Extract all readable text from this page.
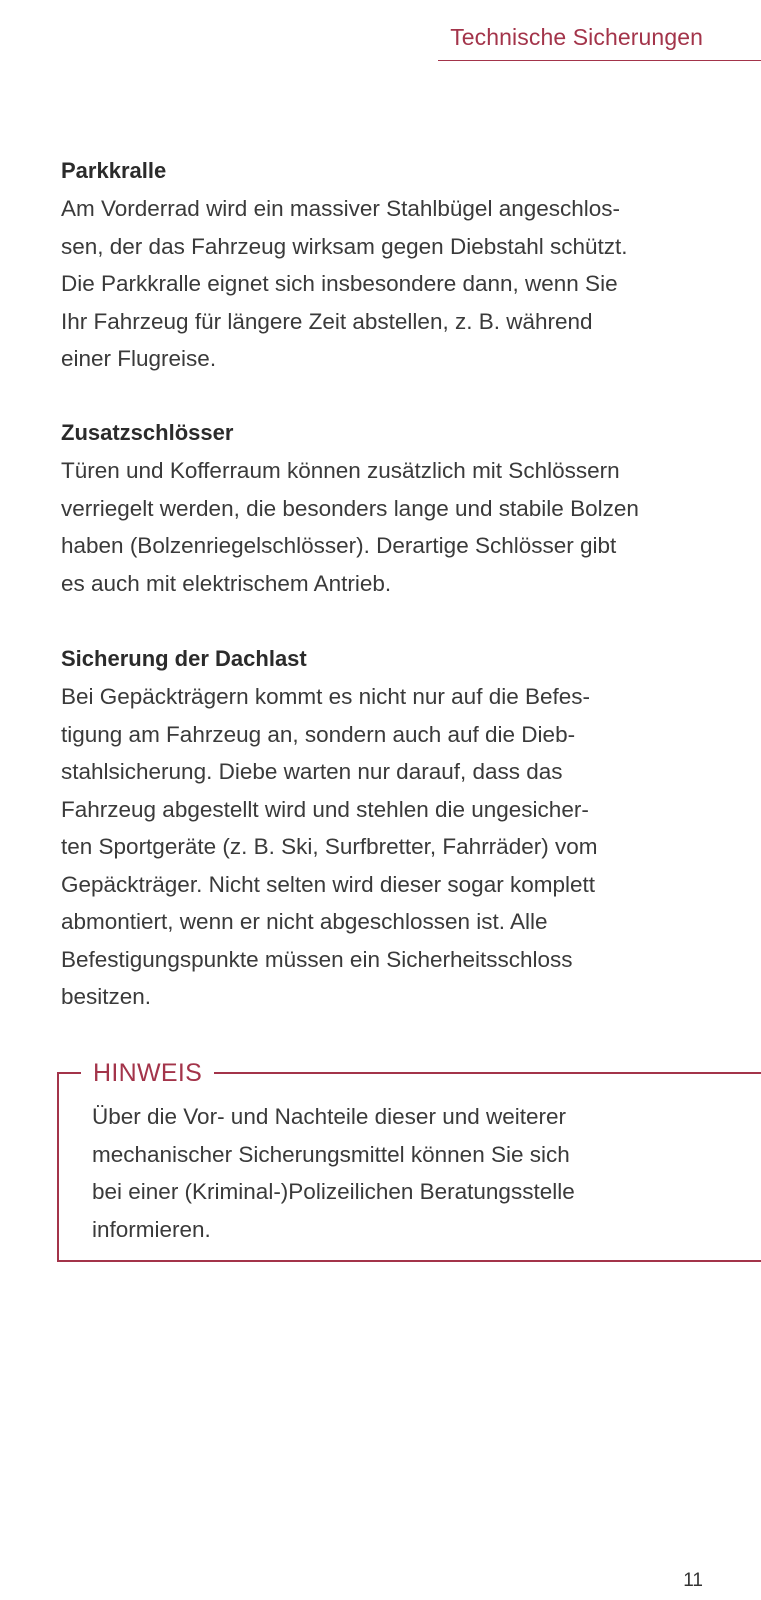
Technische Sicherungen
Parkkralle

Am Vorderrad wird ein massiver Stahlbügel angeschlos-
sen, der das Fahrzeug wirksam gegen Diebstahl schützt.
Die Parkkralle eignet sich insbesondere dann, wenn Sie
Ihr Fahrzeug für längere Zeit abstellen, z. B. während
einer Flugreise.

Zusatzschlösser

Türen und Kofferraum können zusätzlich mit Schlössern
verriegelt werden, die besonders lange und stabile Bolzen
haben (Bolzenriegelschlösser). Derartige Schlösser gibt
es auch mit elektrischem Antrieb.

Sicherung der Dachlast

Bei Gepäckträgern kommt es nicht nur auf die Befes-
tigung am Fahrzeug an, sondern auch auf die Dieb-
stahlsicherung. Diebe warten nur darauf, dass das
Fahrzeug abgestellt wird und stehlen die ungesicher-
ten Sportgeräte (z. B. Ski, Surfbretter, Fahrräder) vom
Gepäckträger. Nicht selten wird dieser sogar komplett
abmontiert, wenn er nicht abgeschlossen ist. Alle
Befestigungspunkte müssen ein Sicherheitsschloss
besitzen.

HINWEIS

Über die Vor- und Nachteile dieser und weiterer
mechanischer Sicherungsmittel können Sie sich
bei einer (Kriminal-)Polizeilichen Beratungsstelle
informieren.

11
